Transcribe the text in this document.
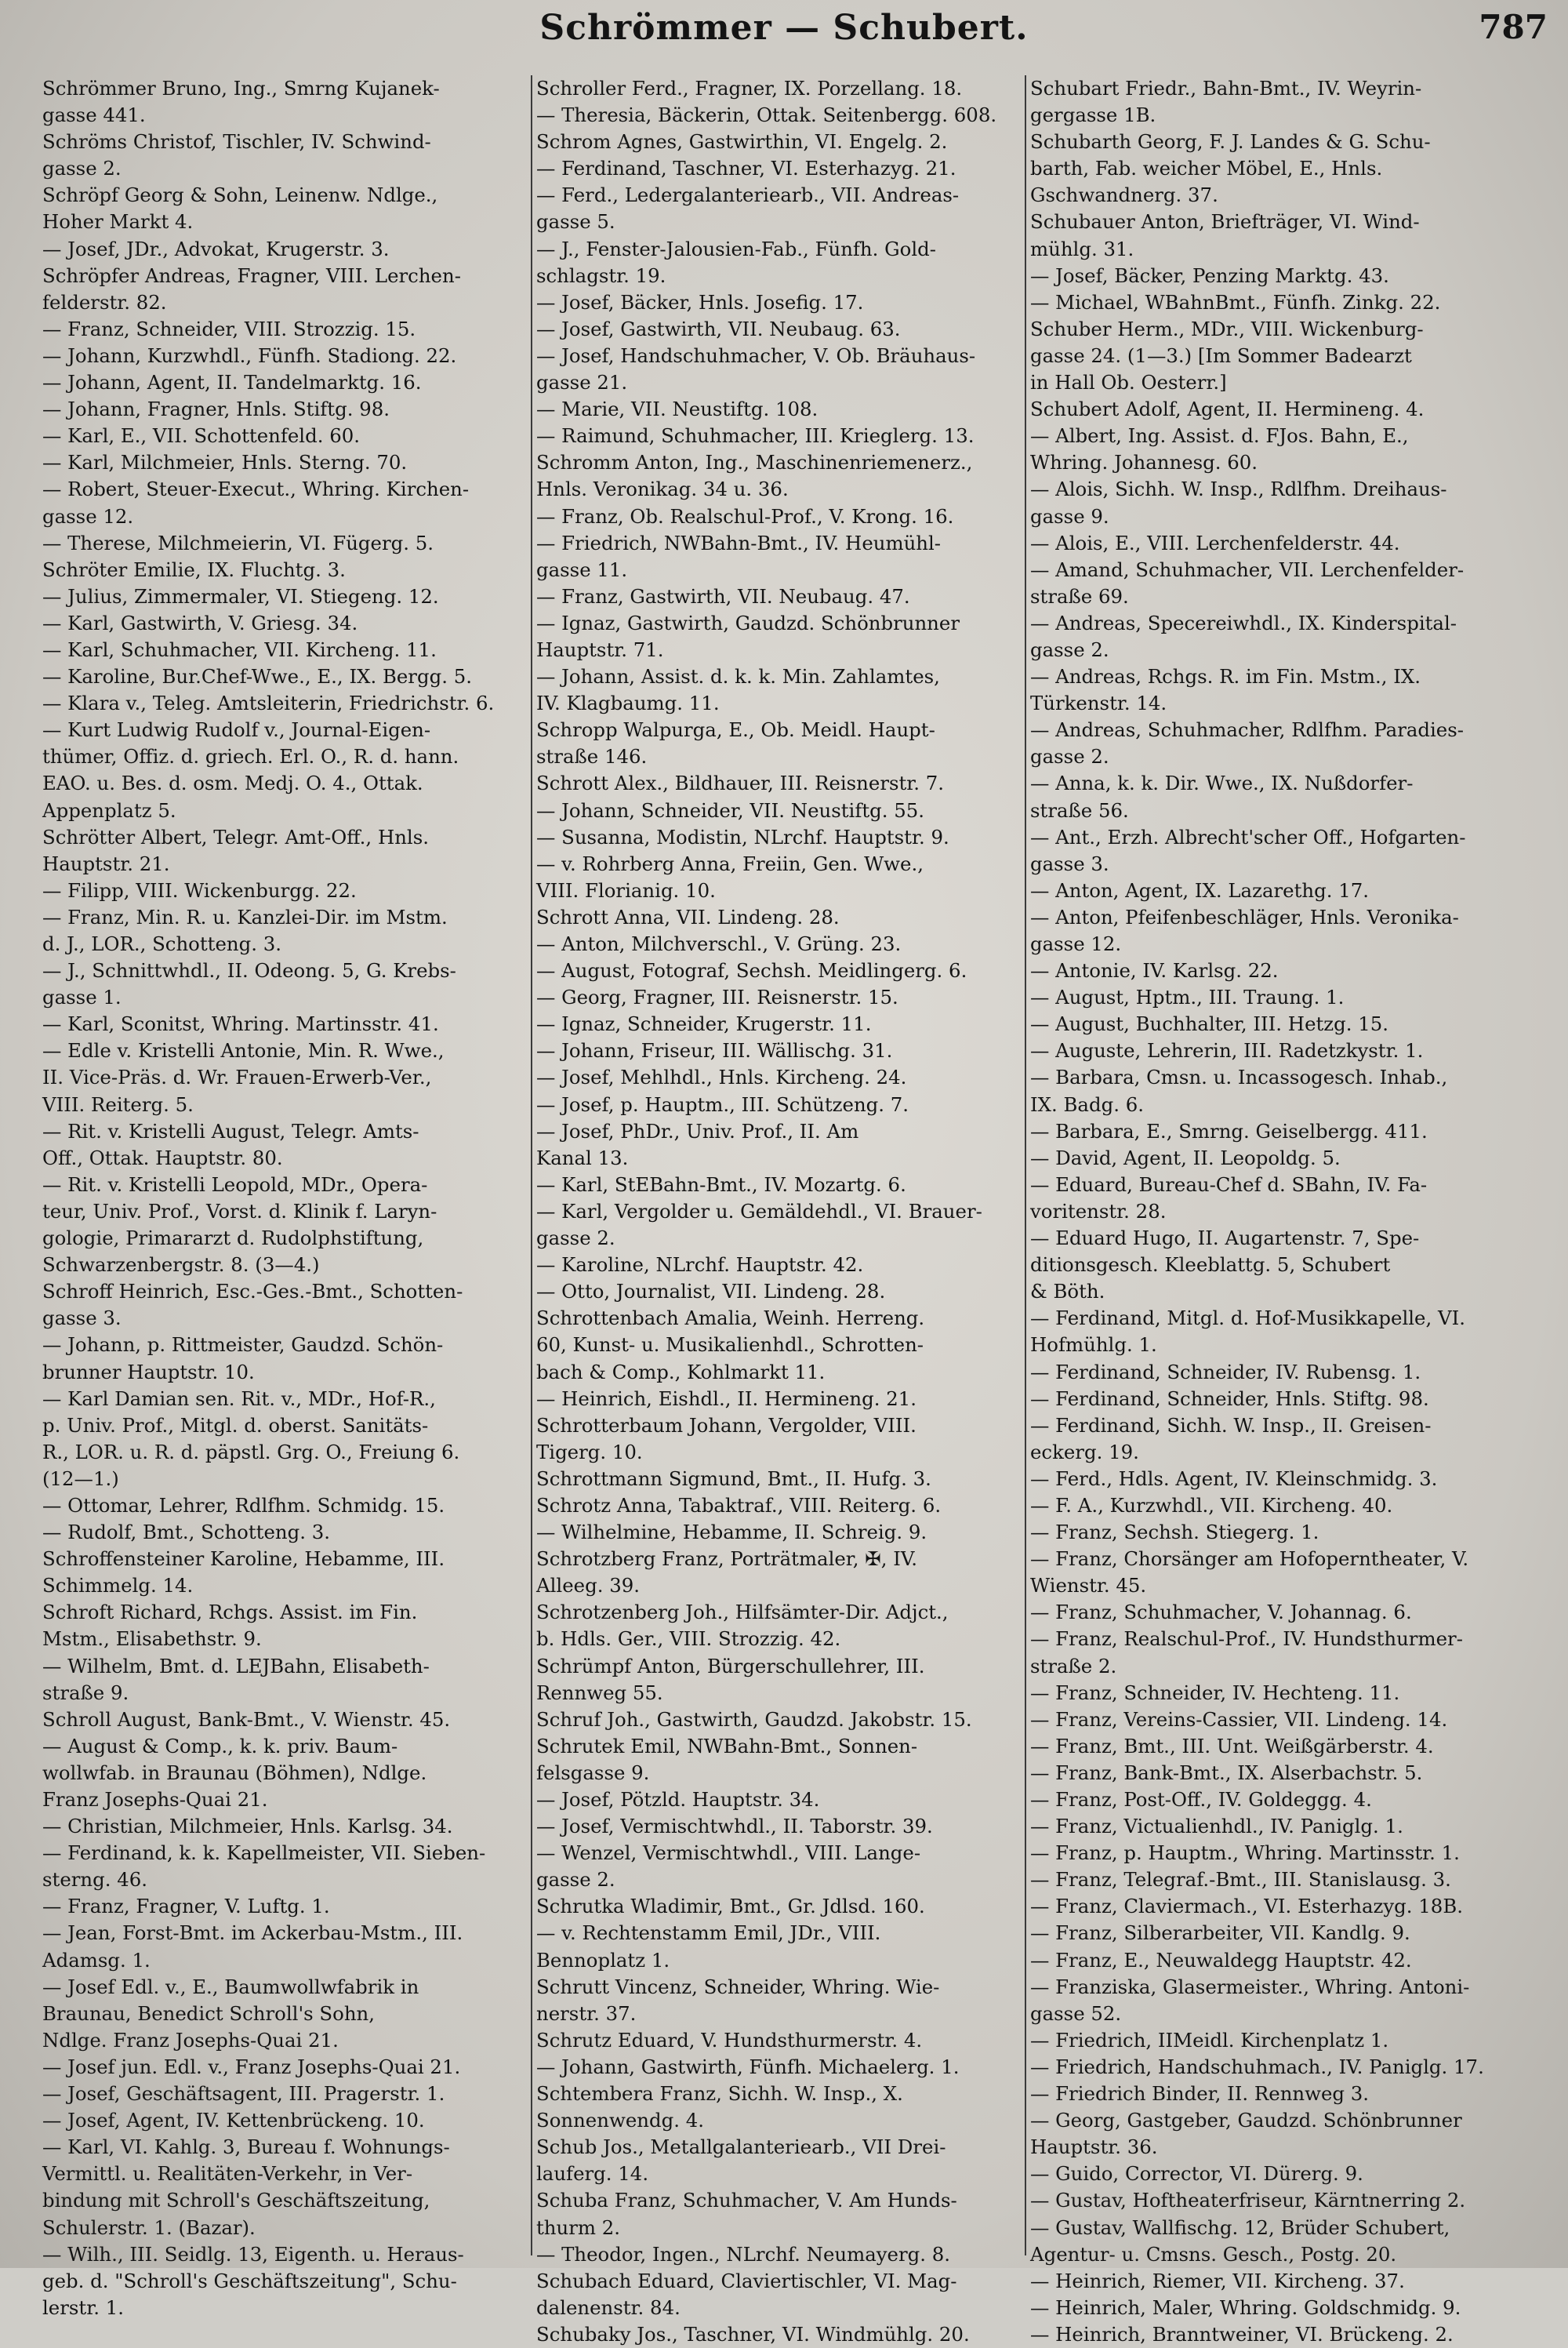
Schrömmer — Schubert.	787

Schrömmer Bruno, Ing., Smrng Kujanek-

gasse 441.

Schröms Christof, Tischler, IV. Schwind-

gasse 2.

Schröpf Georg & Sohn, Leinenw. Ndlge.,

Hoher Markt 4.

— Josef, JDr., Advokat, Krugerstr. 3.

Schröpfer Andreas, Fragner, VIII. Lerchen-

felderstr. 82.

— Franz, Schneider, VIII. Strozzig. 15.

— Johann, Kurzwhdl., Fünfh. Stadiong. 22.

— Johann, Agent, II. Tandelmarktg. 16.

— Johann, Fragner, Hnls. Stiftg. 98.

— Karl, E., VII. Schottenfeld. 60.

— Karl, Milchmeier, Hnls. Sterng. 70.

— Robert, Steuer-Execut., Whring. Kirchen-

gasse 12.

— Therese, Milchmeierin, VI. Fügerg. 5.

Schröter Emilie, IX. Fluchtg. 3.

— Julius, Zimmermaler, VI. Stiegeng. 12.

— Karl, Gastwirth, V. Griesg. 34.

— Karl, Schuhmacher, VII. Kircheng. 11.

— Karoline, Bur.Chef-Wwe., E., IX. Bergg. 5.

— Klara v., Teleg. Amtsleiterin, Friedrichstr. 6.

— Kurt Ludwig Rudolf v., Journal-Eigen-

thümer, Offiz. d. griech. Erl. O., R. d. hann.

EAO. u. Bes. d. osm. Medj. O. 4., Ottak.

Appenplatz 5.

Schrötter Albert, Telegr. Amt-Off., Hnls.

Hauptstr. 21.

— Filipp, VIII. Wickenburgg. 22.

— Franz, Min. R. u. Kanzlei-Dir. im Mstm.

d. J., LOR., Schotteng. 3.

— J., Schnittwhdl., II. Odeong. 5, G. Krebs-

gasse 1.

— Karl, Sconitst, Whring. Martinsstr. 41.

— Edle v. Kristelli Antonie, Min. R. Wwe.,

II. Vice-Präs. d. Wr. Frauen-Erwerb-Ver.,

VIII. Reiterg. 5.

— Rit. v. Kristelli August, Telegr. Amts-

Off., Ottak. Hauptstr. 80.

— Rit. v. Kristelli Leopold, MDr., Opera-

teur, Univ. Prof., Vorst. d. Klinik f. Laryn-

gologie, Primararzt d. Rudolphstiftung,

Schwarzenbergstr. 8. (3—4.)

Schroff Heinrich, Esc.-Ges.-Bmt., Schotten-

gasse 3.

— Johann, p. Rittmeister, Gaudzd. Schön-

brunner Hauptstr. 10.

— Karl Damian sen. Rit. v., MDr., Hof-R.,

p. Univ. Prof., Mitgl. d. oberst. Sanitäts-

R., LOR. u. R. d. päpstl. Grg. O., Freiung 6.

(12—1.)

— Ottomar, Lehrer, Rdlfhm. Schmidg. 15.

— Rudolf, Bmt., Schotteng. 3.

Schroffensteiner Karoline, Hebamme, III.

Schimmelg. 14.

Schroft Richard, Rchgs. Assist. im Fin.

Mstm., Elisabethstr. 9.

— Wilhelm, Bmt. d. LEJBahn, Elisabeth-

straße 9.

Schroll August, Bank-Bmt., V. Wienstr. 45.

— August & Comp., k. k. priv. Baum-

wollwfab. in Braunau (Böhmen), Ndlge.

Franz Josephs-Quai 21.

— Christian, Milchmeier, Hnls. Karlsg. 34.

— Ferdinand, k. k. Kapellmeister, VII. Sieben-

sterng. 46.

— Franz, Fragner, V. Luftg. 1.

— Jean, Forst-Bmt. im Ackerbau-Mstm., III.

Adamsg. 1.

— Josef Edl. v., E., Baumwollwfabrik in

Braunau, Benedict Schroll's Sohn,

Ndlge. Franz Josephs-Quai 21.

— Josef jun. Edl. v., Franz Josephs-Quai 21.

— Josef, Geschäftsagent, III. Pragerstr. 1.

— Josef, Agent, IV. Kettenbrückeng. 10.

— Karl, VI. Kahlg. 3, Bureau f. Wohnungs-

Vermittl. u. Realitäten-Verkehr, in Ver-

bindung mit Schroll's Geschäftszeitung,

Schulerstr. 1. (Bazar).

— Wilh., III. Seidlg. 13, Eigenth. u. Heraus-

geb. d. "Schroll's Geschäftszeitung", Schu-

lerstr. 1.

Schroller Ferd., Fragner, IX. Porzellang. 18.

— Theresia, Bäckerin, Ottak. Seitenbergg. 608.

Schrom Agnes, Gastwirthin, VI. Engelg. 2.

— Ferdinand, Taschner, VI. Esterhazyg. 21.

— Ferd., Ledergalanteriearb., VII. Andreas-

gasse 5.

— J., Fenster-Jalousien-Fab., Fünfh. Gold-

schlagstr. 19.

— Josef, Bäcker, Hnls. Josefig. 17.

— Josef, Gastwirth, VII. Neubaug. 63.

— Josef, Handschuhmacher, V. Ob. Bräuhaus-

gasse 21.

— Marie, VII. Neustiftg. 108.

— Raimund, Schuhmacher, III. Krieglerg. 13.

Schromm Anton, Ing., Maschinenriemenerz.,

Hnls. Veronikag. 34 u. 36.

— Franz, Ob. Realschul-Prof., V. Krong. 16.

— Friedrich, NWBahn-Bmt., IV. Heumühl-

gasse 11.

— Franz, Gastwirth, VII. Neubaug. 47.

— Ignaz, Gastwirth, Gaudzd. Schönbrunner

Hauptstr. 71.

— Johann, Assist. d. k. k. Min. Zahlamtes,

IV. Klagbaumg. 11.

Schropp Walpurga, E., Ob. Meidl. Haupt-

straße 146.

Schrott Alex., Bildhauer, III. Reisnerstr. 7.

— Johann, Schneider, VII. Neustiftg. 55.

— Susanna, Modistin, NLrchf. Hauptstr. 9.

— v. Rohrberg Anna, Freiin, Gen. Wwe.,

VIII. Florianig. 10.

Schrott Anna, VII. Lindeng. 28.

— Anton, Milchverschl., V. Grüng. 23.

— August, Fotograf, Sechsh. Meidlingerg. 6.

— Georg, Fragner, III. Reisnerstr. 15.

— Ignaz, Schneider, Krugerstr. 11.

— Johann, Friseur, III. Wällischg. 31.

— Josef, Mehlhdl., Hnls. Kircheng. 24.

— Josef, p. Hauptm., III. Schützeng. 7.

— Josef, PhDr., Univ. Prof., II. Am

Kanal 13.

— Karl, StEBahn-Bmt., IV. Mozartg. 6.

— Karl, Vergolder u. Gemäldehdl., VI. Brauer-

gasse 2.

— Karoline, NLrchf. Hauptstr. 42.

— Otto, Journalist, VII. Lindeng. 28.

Schrottenbach Amalia, Weinh. Herreng.

60, Kunst- u. Musikalienhdl., Schrotten-

bach & Comp., Kohlmarkt 11.

— Heinrich, Eishdl., II. Hermineng. 21.

Schrotterbaum Johann, Vergolder, VIII.

Tigerg. 10.

Schrottmann Sigmund, Bmt., II. Hufg. 3.

Schrotz Anna, Tabaktraf., VIII. Reiterg. 6.

— Wilhelmine, Hebamme, II. Schreig. 9.

Schrotzberg Franz, Porträtmaler, ✠, IV.

Alleeg. 39.

Schrotzenberg Joh., Hilfsämter-Dir. Adjct.,

b. Hdls. Ger., VIII. Strozzig. 42.

Schrümpf Anton, Bürgerschullehrer, III.

Rennweg 55.

Schruf Joh., Gastwirth, Gaudzd. Jakobstr. 15.

Schrutek Emil, NWBahn-Bmt., Sonnen-

felsgasse 9.

— Josef, Pötzld. Hauptstr. 34.

— Josef, Vermischtwhdl., II. Taborstr. 39.

— Wenzel, Vermischtwhdl., VIII. Lange-

gasse 2.

Schrutka Wladimir, Bmt., Gr. Jdlsd. 160.

— v. Rechtenstamm Emil, JDr., VIII.

Bennoplatz 1.

Schrutt Vincenz, Schneider, Whring. Wie-

nerstr. 37.

Schrutz Eduard, V. Hundsthurmerstr. 4.

— Johann, Gastwirth, Fünfh. Michaelerg. 1.

Schtembera Franz, Sichh. W. Insp., X.

Sonnenwendg. 4.

Schub Jos., Metallgalanteriearb., VII Drei-

lauferg. 14.

Schuba Franz, Schuhmacher, V. Am Hunds-

thurm 2.

— Theodor, Ingen., NLrchf. Neumayerg. 8.

Schubach Eduard, Claviertischler, VI. Mag-

dalenenstr. 84.

Schubaky Jos., Taschner, VI. Windmühlg. 20.

Schubart Friedr., Bahn-Bmt., IV. Weyrin-

gergasse 1B.

Schubarth Georg, F. J. Landes & G. Schu-

barth, Fab. weicher Möbel, E., Hnls.

Gschwandnerg. 37.

Schubauer Anton, Briefträger, VI. Wind-

mühlg. 31.

— Josef, Bäcker, Penzing Marktg. 43.

— Michael, WBahnBmt., Fünfh. Zinkg. 22.

Schuber Herm., MDr., VIII. Wickenburg-

gasse 24. (1—3.) [Im Sommer Badearzt

in Hall Ob. Oesterr.]

Schubert Adolf, Agent, II. Hermineng. 4.

— Albert, Ing. Assist. d. FJos. Bahn, E.,

Whring. Johannesg. 60.

— Alois, Sichh. W. Insp., Rdlfhm. Dreihaus-

gasse 9.

— Alois, E., VIII. Lerchenfelderstr. 44.

— Amand, Schuhmacher, VII. Lerchenfelder-

straße 69.

— Andreas, Specereiwhdl., IX. Kinderspital-

gasse 2.

— Andreas, Rchgs. R. im Fin. Mstm., IX.

Türkenstr. 14.

— Andreas, Schuhmacher, Rdlfhm. Paradies-

gasse 2.

— Anna, k. k. Dir. Wwe., IX. Nußdorfer-

straße 56.

— Ant., Erzh. Albrecht'scher Off., Hofgarten-

gasse 3.

— Anton, Agent, IX. Lazarethg. 17.

— Anton, Pfeifenbeschläger, Hnls. Veronika-

gasse 12.

— Antonie, IV. Karlsg. 22.

— August, Hptm., III. Traung. 1.

— August, Buchhalter, III. Hetzg. 15.

— Auguste, Lehrerin, III. Radetzkystr. 1.

— Barbara, Cmsn. u. Incassogesch. Inhab.,

IX. Badg. 6.

— Barbara, E., Smrng. Geiselbergg. 411.

— David, Agent, II. Leopoldg. 5.

— Eduard, Bureau-Chef d. SBahn, IV. Fa-

voritenstr. 28.

— Eduard Hugo, II. Augartenstr. 7, Spe-

ditionsgesch. Kleeblattg. 5, Schubert

& Böth.

— Ferdinand, Mitgl. d. Hof-Musikkapelle, VI.

Hofmühlg. 1.

— Ferdinand, Schneider, IV. Rubensg. 1.

— Ferdinand, Schneider, Hnls. Stiftg. 98.

— Ferdinand, Sichh. W. Insp., II. Greisen-

eckerg. 19.

— Ferd., Hdls. Agent, IV. Kleinschmidg. 3.

— F. A., Kurzwhdl., VII. Kircheng. 40.

— Franz, Sechsh. Stiegerg. 1.

— Franz, Chorsänger am Hofoperntheater, V.

Wienstr. 45.

— Franz, Schuhmacher, V. Johannag. 6.

— Franz, Realschul-Prof., IV. Hundsthurmer-

straße 2.

— Franz, Schneider, IV. Hechteng. 11.

— Franz, Vereins-Cassier, VII. Lindeng. 14.

— Franz, Bmt., III. Unt. Weißgärberstr. 4.

— Franz, Bank-Bmt., IX. Alserbachstr. 5.

— Franz, Post-Off., IV. Goldeggg. 4.

— Franz, Victualienhdl., IV. Paniglg. 1.

— Franz, p. Hauptm., Whring. Martinsstr. 1.

— Franz, Telegraf.-Bmt., III. Stanislausg. 3.

— Franz, Claviermach., VI. Esterhazyg. 18B.

— Franz, Silberarbeiter, VII. Kandlg. 9.

— Franz, E., Neuwaldegg Hauptstr. 42.

— Franziska, Glasermeister., Whring. Antoni-

gasse 52.

— Friedrich, IIMeidl. Kirchenplatz 1.

— Friedrich, Handschuhmach., IV. Paniglg. 17.

— Friedrich Binder, II. Rennweg 3.

— Georg, Gastgeber, Gaudzd. Schönbrunner

Hauptstr. 36.

— Guido, Corrector, VI. Dürerg. 9.

— Gustav, Hoftheaterfriseur, Kärntnerring 2.

— Gustav, Wallfischg. 12, Brüder Schubert,

Agentur- u. Cmsns. Gesch., Postg. 20.

— Heinrich, Riemer, VII. Kircheng. 37.

— Heinrich, Maler, Whring. Goldschmidg. 9.

— Heinrich, Branntweiner, VI. Brückeng. 2.
